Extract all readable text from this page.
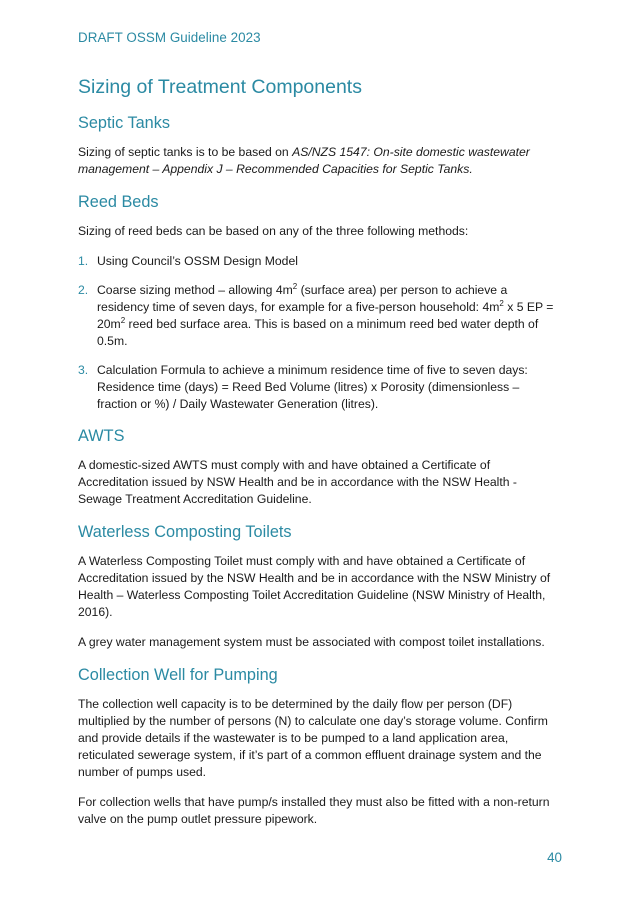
DRAFT OSSM Guideline 2023
Sizing of Treatment Components
Septic Tanks

Sizing of septic tanks is to be based on AS/NZS 1547: On-site domestic wastewater management – Appendix J – Recommended Capacities for Septic Tanks.

Reed Beds

Sizing of reed beds can be based on any of the three following methods:

1. Using Council’s OSSM Design Model
2. Coarse sizing method – allowing $4m^2$ (surface area) per person to achieve a residency time of seven days, for example for a five-person household: $4m^2$ x 5 EP = $20m^2$ reed bed surface area. This is based on a minimum reed bed water depth of 0.5m.
3. Calculation Formula to achieve a minimum residence time of five to seven days: Residence time (days) = Reed Bed Volume (litres) x Porosity (dimensionless – fraction or %) / Daily Wastewater Generation (litres).
AWTS

A domestic-sized AWTS must comply with and have obtained a Certificate of Accreditation issued by NSW Health and be in accordance with the NSW Health - Sewage Treatment Accreditation Guideline.

Waterless Composting Toilets

A Waterless Composting Toilet must comply with and have obtained a Certificate of Accreditation issued by the NSW Health and be in accordance with the NSW Ministry of Health – Waterless Composting Toilet Accreditation Guideline (NSW Ministry of Health, 2016).

A grey water management system must be associated with compost toilet installations.

Collection Well for Pumping

The collection well capacity is to be determined by the daily flow per person (DF) multiplied by the number of persons (N) to calculate one day’s storage volume. Confirm and provide details if the wastewater is to be pumped to a land application area, reticulated sewerage system, if it’s part of a common effluent drainage system and the number of pumps used.

For collection wells that have pump/s installed they must also be fitted with a non-return valve on the pump outlet pressure pipework.

40
